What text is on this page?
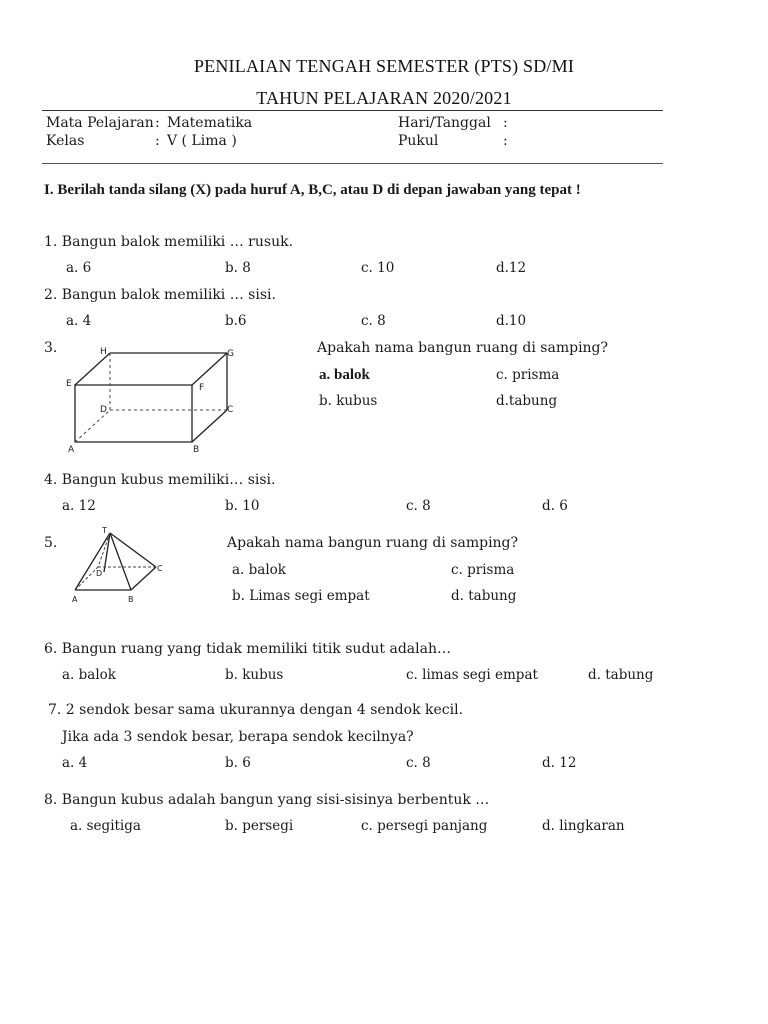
PENILAIAN TENGAH SEMESTER (PTS) SD/MI
TAHUN PELAJARAN 2020/2021
Mata Pelajaran : Matematika
Kelas	: V ( Lima )
Hari/Tanggal :
Pukul	:
I. Berilah tanda silang (X) pada huruf A, B,C, atau D di depan jawaban yang tepat !
1. Bangun balok memiliki … rusuk.
a. 6	b. 8	c. 10	d.12
2. Bangun balok memiliki … sisi.
a. 4	b.6	c. 8	d.10
3.	H	G
E	F
D	C
A	B
Apakah nama bangun ruang di samping?
a. balok	c. prisma
b. kubus	d.tabung
4. Bangun kubus memiliki… sisi.
a. 12	b. 10	c. 8	d. 6
5.
T
D
C
A	B
Apakah nama bangun ruang di samping?
a. balok	c. prisma
b. Limas segi empat	d. tabung
6. Bangun ruang yang tidak memiliki titik sudut adalah…
a. balok	b. kubus	c. limas segi empat	d. tabung
7. 2 sendok besar sama ukurannya dengan 4 sendok kecil.
Jika ada 3 sendok besar, berapa sendok kecilnya?
a. 4	b. 6	c. 8	d. 12
8. Bangun kubus adalah bangun yang sisi-sisinya berbentuk …
a. segitiga	b. persegi	c. persegi panjang	d. lingkaran
